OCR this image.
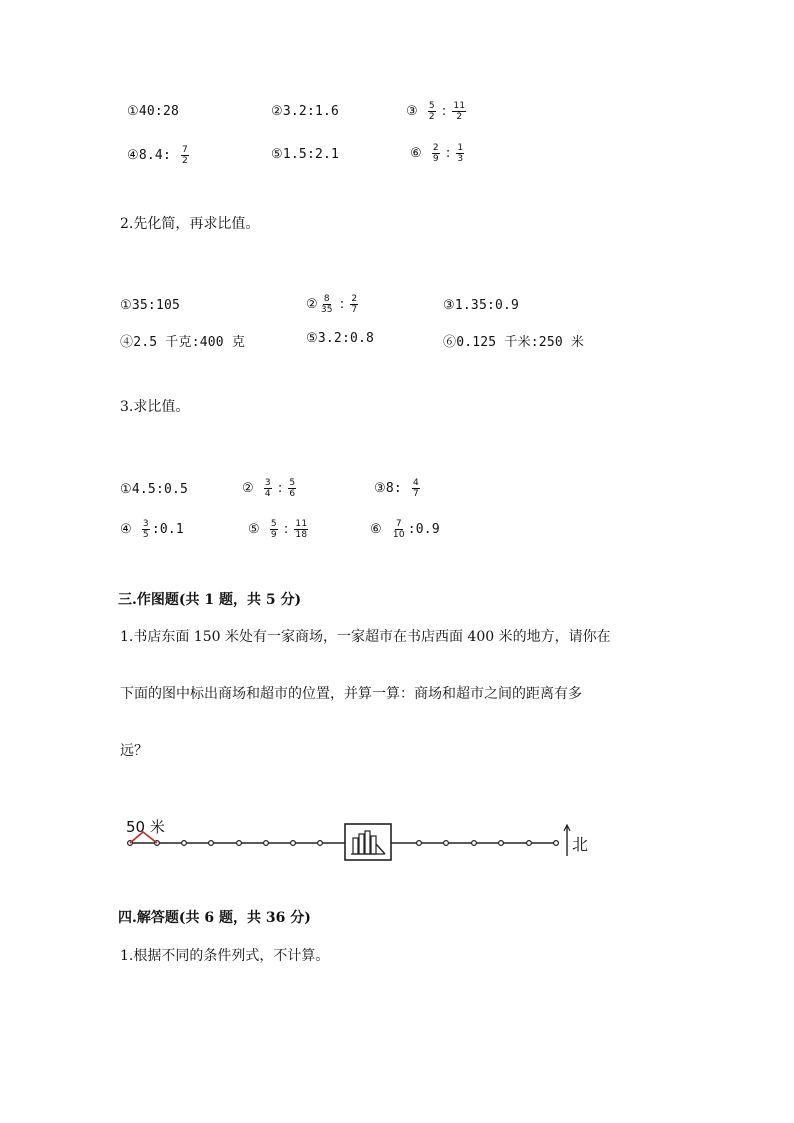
①40:28	②3.2:1.6	③ $\frac{5}{2}$ : $\frac{11}{2}$
④8.4: $\frac{7}{2}$	⑤1.5:2.1	⑥ $\frac{2}{9}$ : $\frac{1}{3}$
2.先化简，再求比值。
①35:105	② $\frac{8}{35}$ : $\frac{2}{7}$	③1.35:0.9
④2.5 千克:400 克	⑤3.2:0.8	⑥0.125 千米:250 米
3.求比值。
①4.5:0.5	② $\frac{3}{4}$ : $\frac{5}{6}$	③8: $\frac{4}{7}$
④ $\frac{3}{5}$ :0.1	⑤ $\frac{5}{9}$ : $\frac{11}{18}$	⑥ $\frac{7}{10}$ :0.9
三.作图题(共 1 题，共 5 分)
1.书店东面 150 米处有一家商场，一家超市在书店西面 400 米的地方，请你在
下面的图中标出商场和超市的位置，并算一算：商场和超市之间的距离有多
远？
50 米
北
四.解答题(共 6 题，共 36 分)
1.根据不同的条件列式，不计算。
